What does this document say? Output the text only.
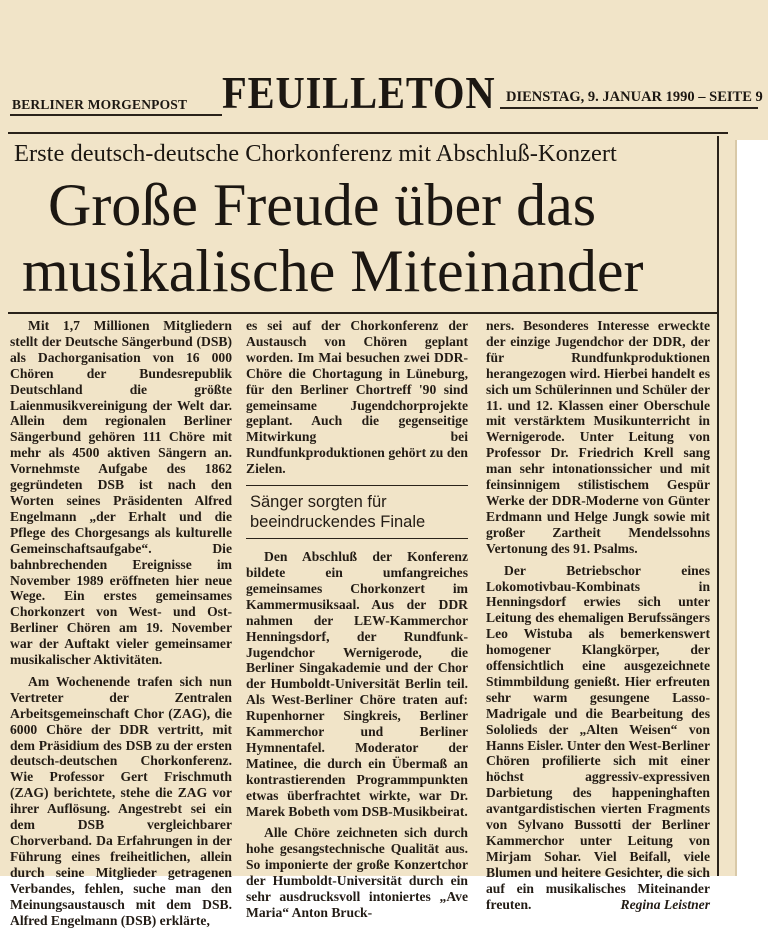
BERLINER MORGENPOST FEUILLETON DIENSTAG, 9. JANUAR 1990 – SEITE 9
Erste deutsch-deutsche Chorkonferenz mit Abschluß-Konzert
Große Freude über das
musikalische Miteinander

Mit 1,7 Millionen Mitgliedern stellt der Deutsche Sängerbund (DSB) als Dachorganisation von 16 000 Chören der Bundesrepublik Deutschland die größte Laienmusikvereinigung der Welt dar. Allein dem regionalen Berliner Sängerbund gehören 111 Chöre mit mehr als 4500 aktiven Sängern an. Vornehmste Aufgabe des 1862 gegründeten DSB ist nach den Worten seines Präsidenten Alfred Engelmann „der Erhalt und die Pflege des Chorgesangs als kulturelle Gemeinschaftsaufgabe“. Die bahnbrechenden Ereignisse im November 1989 eröffneten hier neue Wege. Ein erstes gemeinsames Chorkonzert von West- und Ost-Berliner Chören am 19. November war der Auftakt vieler gemeinsamer musikalischer Aktivitäten.

Am Wochenende trafen sich nun Vertreter der Zentralen Arbeitsgemeinschaft Chor (ZAG), die 6000 Chöre der DDR vertritt, mit dem Präsidium des DSB zu der ersten deutsch-deutschen Chorkonferenz. Wie Professor Gert Frischmuth (ZAG) berichtete, stehe die ZAG vor ihrer Auflösung. Angestrebt sei ein dem DSB vergleichbarer Chorverband. Da Erfahrungen in der Führung eines freiheitlichen, allein durch seine Mitglieder getragenen Verbandes, fehlen, suche man den Meinungsaustausch mit dem DSB. Alfred Engelmann (DSB) erklärte,

es sei auf der Chorkonferenz der Austausch von Chören geplant worden. Im Mai besuchen zwei DDR-Chöre die Chortagung in Lüneburg, für den Berliner Chortreff '90 sind gemeinsame Jugendchorprojekte geplant. Auch die gegenseitige Mitwirkung bei Rundfunkproduktionen gehört zu den Zielen.

Sänger sorgten für beeindruckendes Finale

Den Abschluß der Konferenz bildete ein umfangreiches gemeinsames Chorkonzert im Kammermusiksaal. Aus der DDR nahmen der LEW-Kammerchor Henningsdorf, der Rundfunk-Jugendchor Wernigerode, die Berliner Singakademie und der Chor der Humboldt-Universität Berlin teil. Als West-Berliner Chöre traten auf: Rupenhorner Singkreis, Berliner Kammerchor und Berliner Hymnentafel. Moderator der Matinee, die durch ein Übermaß an kontrastierenden Programmpunkten etwas überfrachtet wirkte, war Dr. Marek Bobeth vom DSB-Musikbeirat.

Alle Chöre zeichneten sich durch hohe gesangstechnische Qualität aus. So imponierte der große Konzertchor der Humboldt-Universität durch ein sehr ausdrucksvoll intoniertes „Ave Maria“ Anton Bruck-

ners. Besonderes Interesse erweckte der einzige Jugendchor der DDR, der für Rundfunkproduktionen herangezogen wird. Hierbei handelt es sich um Schülerinnen und Schüler der 11. und 12. Klassen einer Oberschule mit verstärktem Musikunterricht in Wernigerode. Unter Leitung von Professor Dr. Friedrich Krell sang man sehr intonationssicher und mit feinsinnigem stilistischem Gespür Werke der DDR-Moderne von Günter Erdmann und Helge Jungk sowie mit großer Zartheit Mendelssohns Vertonung des 91. Psalms.

Der Betriebschor eines Lokomotivbau-Kombinats in Henningsdorf erwies sich unter Leitung des ehemaligen Berufssängers Leo Wistuba als bemerkenswert homogener Klangkörper, der offensichtlich eine ausgezeichnete Stimmbildung genießt. Hier erfreuten sehr warm gesungene Lasso-Madrigale und die Bearbeitung des Sololieds der „Alten Weisen“ von Hanns Eisler. Unter den West-Berliner Chören profilierte sich mit einer höchst aggressiv-expressiven Darbietung des happeninghaften avantgardistischen vierten Fragments von Sylvano Bussotti der Berliner Kammerchor unter Leitung von Mirjam Sohar. Viel Beifall, viele Blumen und heitere Gesichter, die sich auf ein musikalisches Miteinander freuten.	Regina Leistner
